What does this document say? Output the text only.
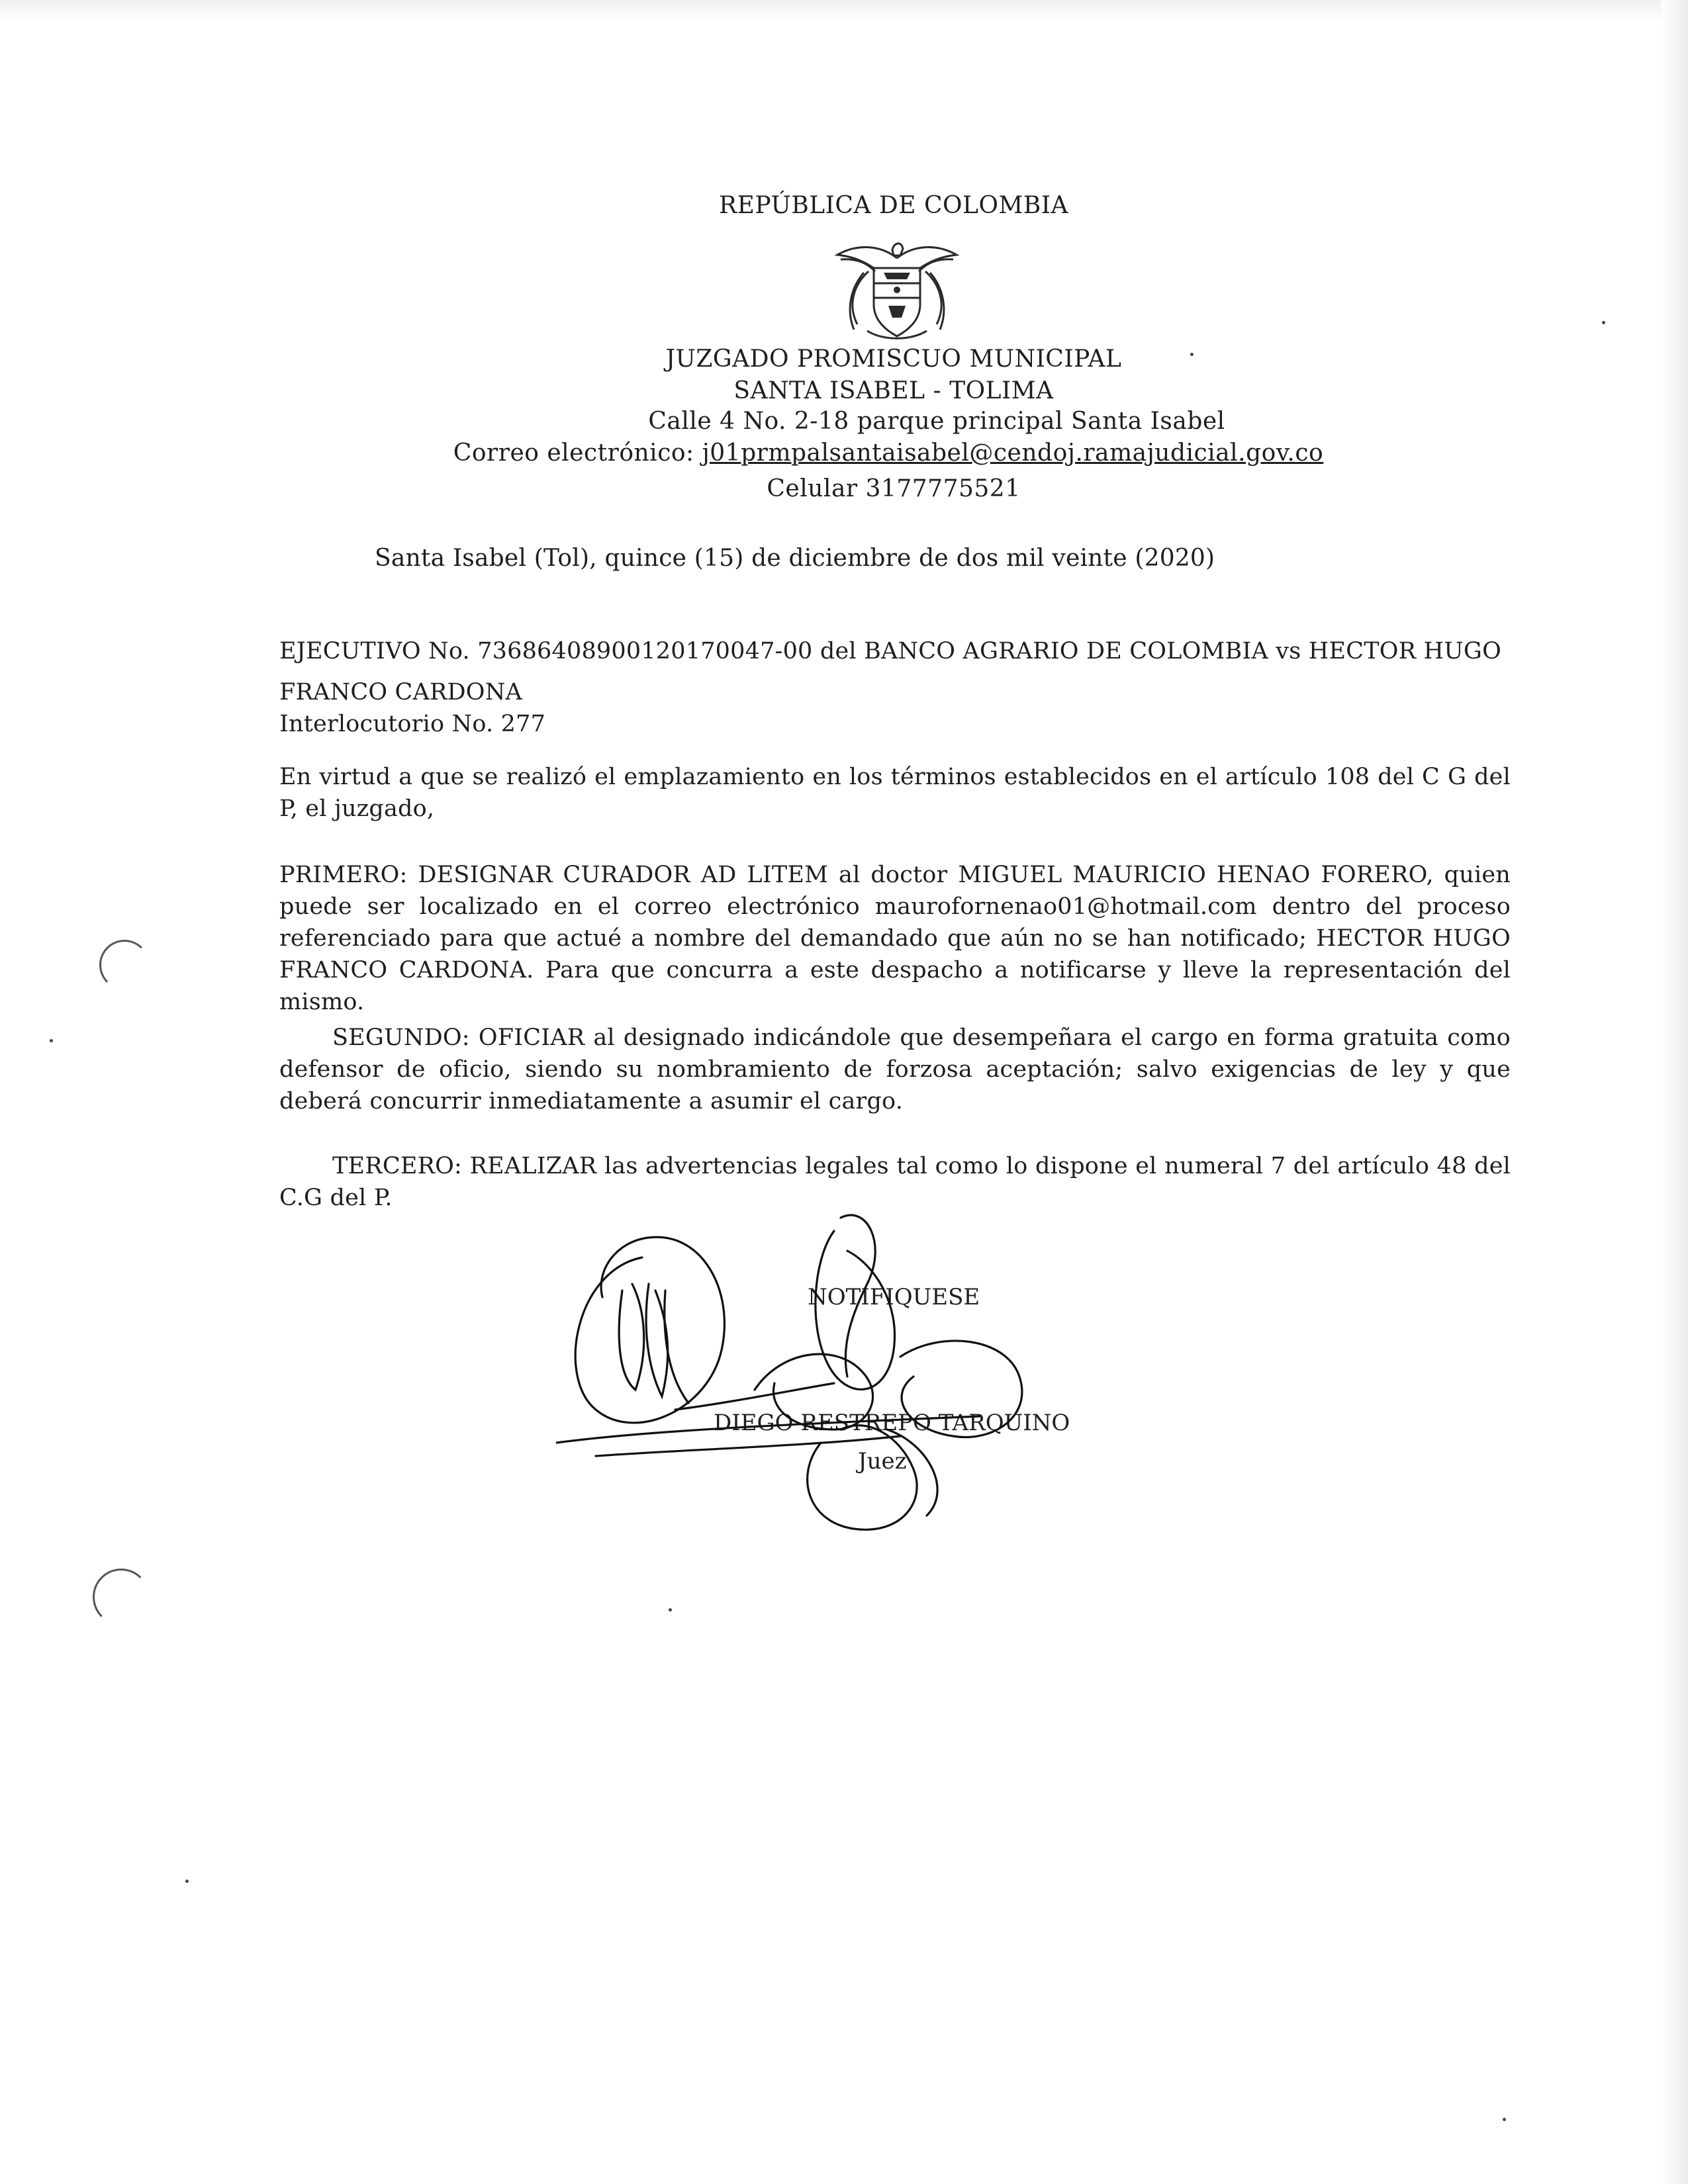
REPÚBLICA DE COLOMBIA
JUZGADO PROMISCUO MUNICIPAL
SANTA ISABEL - TOLIMA
Calle 4 No. 2-18 parque principal Santa Isabel
Correo electrónico: j01prmpalsantaisabel@cendoj.ramajudicial.gov.co
Celular 3177775521
Santa Isabel (Tol), quince (15) de diciembre de dos mil veinte (2020)
EJECUTIVO No. 73686408900120170047-00 del BANCO AGRARIO DE COLOMBIA vs HECTOR HUGO
FRANCO CARDONA
Interlocutorio No. 277
En virtud a que se realizó el emplazamiento en los términos establecidos en el artículo 108 del C G del P, el juzgado,
PRIMERO: DESIGNAR CURADOR AD LITEM al doctor MIGUEL MAURICIO HENAO FORERO, quien puede ser localizado en el correo electrónico maurofornenao01@hotmail.com dentro del proceso referenciado para que actué a nombre del demandado que aún no se han notificado; HECTOR HUGO FRANCO CARDONA. Para que concurra a este despacho a notificarse y lleve la representación del mismo.
SEGUNDO: OFICIAR al designado indicándole que desempeñara el cargo en forma gratuita como defensor de oficio, siendo su nombramiento de forzosa aceptación; salvo exigencias de ley y que deberá concurrir inmediatamente a asumir el cargo.
TERCERO: REALIZAR las advertencias legales tal como lo dispone el numeral 7 del artículo 48 del C.G del P.
NOTIFIQUESE
DIEGO RESTREPO TARQUINO
Juez
